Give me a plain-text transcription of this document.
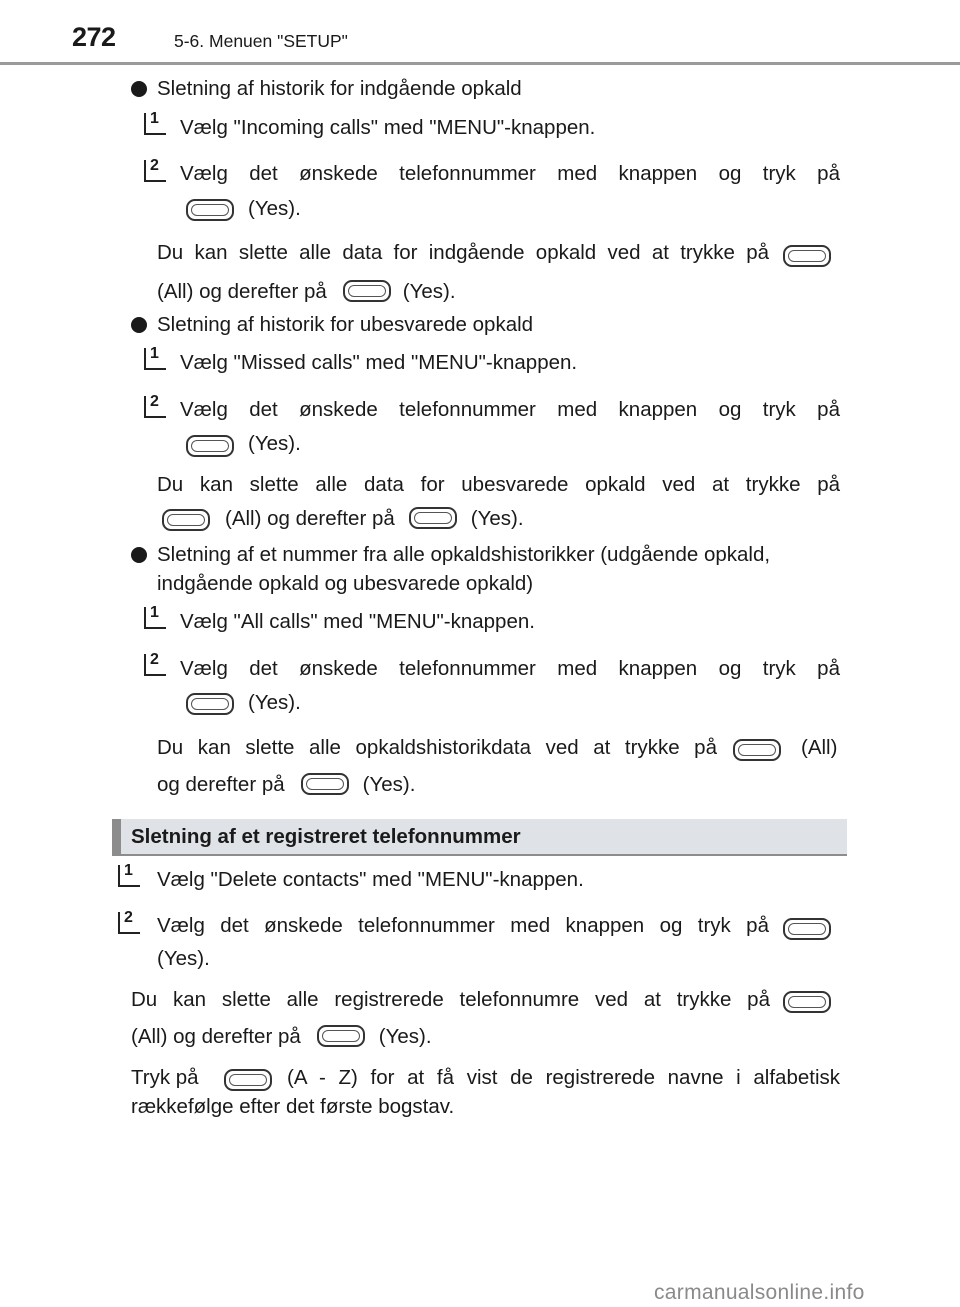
272	5-6. Menuen "SETUP"
Sletning af historik for indgående opkald
1 Vælg "Incoming calls" med "MENU"-knappen.
2 Vælg det ønskede telefonnummer med knappen og tryk på
(Yes).
Du kan slette alle data for indgående opkald ved at trykke på
(All) og derefter på	(Yes).
Sletning af historik for ubesvarede opkald
1 Vælg "Missed calls" med "MENU"-knappen.
2 Vælg det ønskede telefonnummer med knappen og tryk på
(Yes).
Du kan slette alle data for ubesvarede opkald ved at trykke på
(All) og derefter på	(Yes).
Sletning af et nummer fra alle opkaldshistorikker (udgående opkald,
indgående opkald og ubesvarede opkald)
1 Vælg "All calls" med "MENU"-knappen.
2 Vælg det ønskede telefonnummer med knappen og tryk på
(Yes).
Du kan slette alle opkaldshistorikdata ved at trykke på	(All)
og derefter på	(Yes).
Sletning af et registreret telefonnummer
1 Vælg "Delete contacts" med "MENU"-knappen.
2 Vælg det ønskede telefonnummer med knappen og tryk på
(Yes).
Du kan slette alle registrerede telefonnumre ved at trykke på
(All) og derefter på	(Yes).
Tryk på	(A - Z) for at få vist de registrerede navne i alfabetisk
rækkefølge efter det første bogstav.
carmanualsonline.info
